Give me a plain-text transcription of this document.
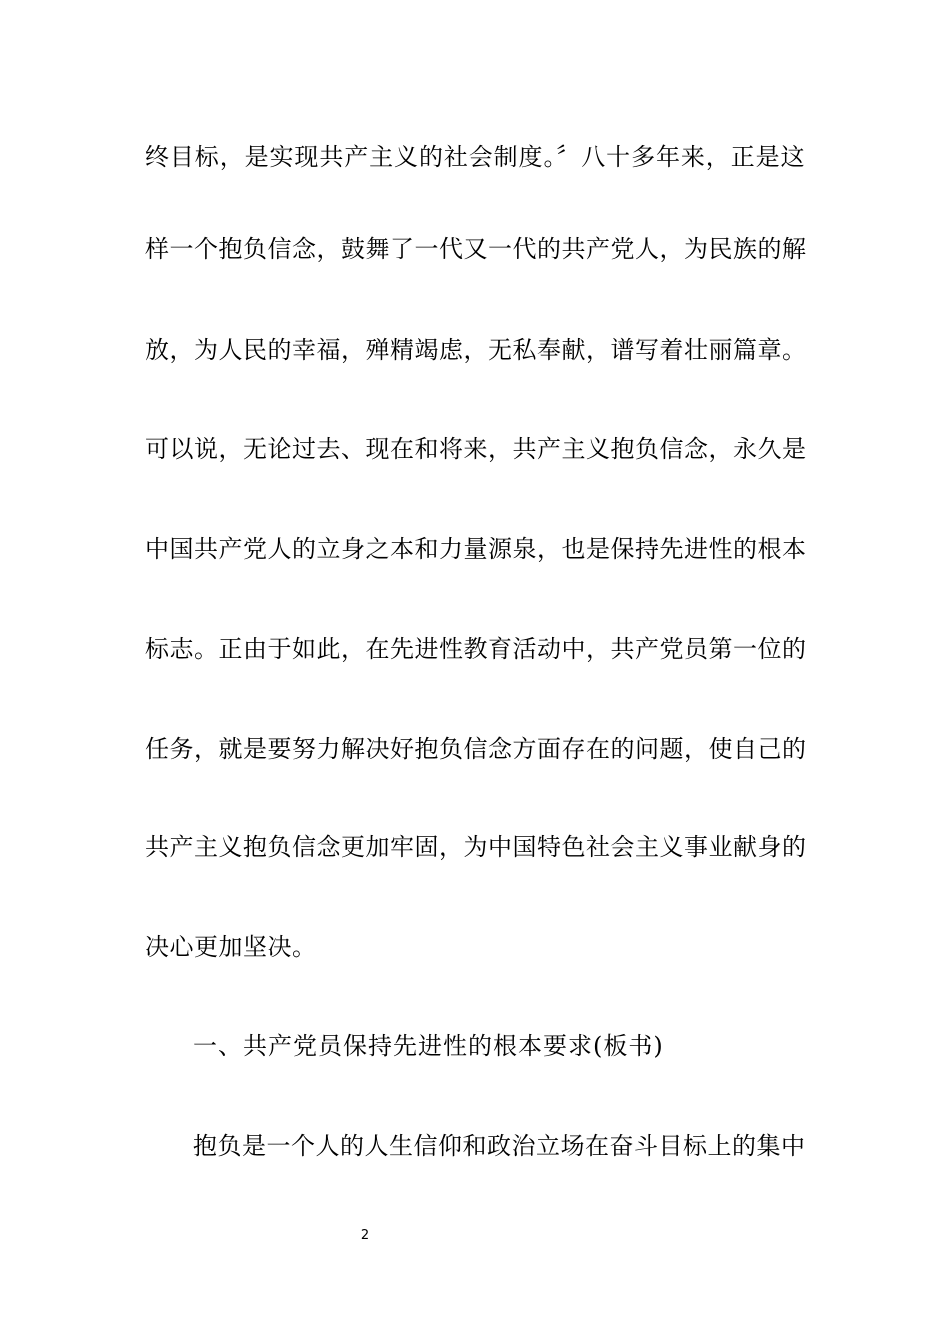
终目标，是实现共产主义的社会制度。〞八十多年来，正是这
样一个抱负信念，鼓舞了一代又一代的共产党人，为民族的解
放，为人民的幸福，殚精竭虑，无私奉献，谱写着壮丽篇章。
可以说，无论过去、现在和将来，共产主义抱负信念，永久是
中国共产党人的立身之本和力量源泉，也是保持先进性的根本
标志。正由于如此，在先进性教育活动中，共产党员第一位的
任务，就是要努力解决好抱负信念方面存在的问题，使自己的
共产主义抱负信念更加牢固，为中国特色社会主义事业献身的
决心更加坚决。
一、共产党员保持先进性的根本要求(板书)
抱负是一个人的人生信仰和政治立场在奋斗目标上的集中
2
